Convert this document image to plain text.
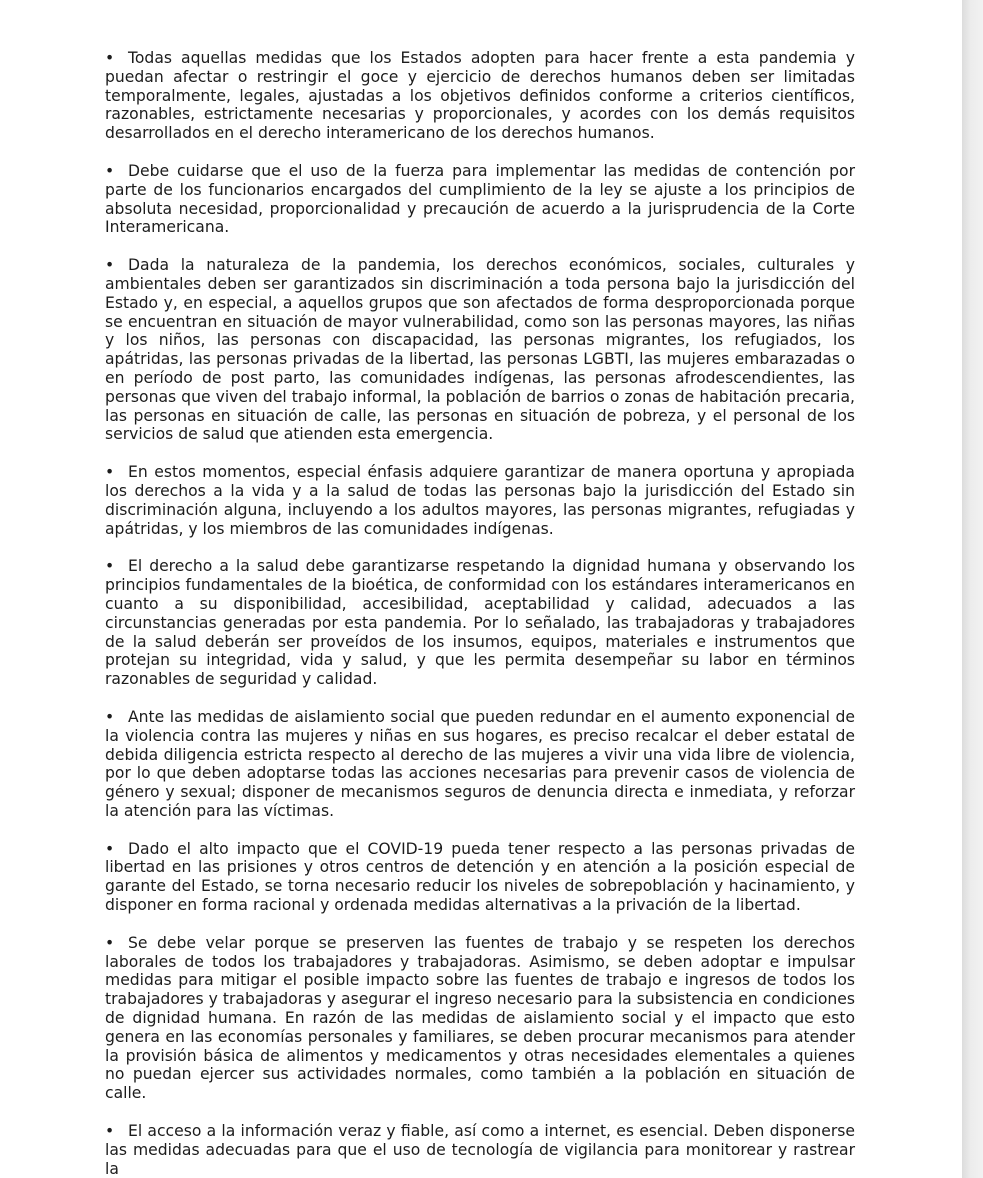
• Todas aquellas medidas que los Estados adopten para hacer frente a esta pandemia y puedan afectar o restringir el goce y ejercicio de derechos humanos deben ser limitadas temporalmente, legales, ajustadas a los objetivos definidos conforme a criterios científicos, razonables, estrictamente necesarias y proporcionales, y acordes con los demás requisitos desarrollados en el derecho interamericano de los derechos humanos.

• Debe cuidarse que el uso de la fuerza para implementar las medidas de contención por parte de los funcionarios encargados del cumplimiento de la ley se ajuste a los principios de absoluta necesidad, proporcionalidad y precaución de acuerdo a la jurisprudencia de la Corte Interamericana.

• Dada la naturaleza de la pandemia, los derechos económicos, sociales, culturales y ambientales deben ser garantizados sin discriminación a toda persona bajo la jurisdicción del Estado y, en especial, a aquellos grupos que son afectados de forma desproporcionada porque se encuentran en situación de mayor vulnerabilidad, como son las personas mayores, las niñas y los niños, las personas con discapacidad, las personas migrantes, los refugiados, los apátridas, las personas privadas de la libertad, las personas LGBTI, las mujeres embarazadas o en período de post parto, las comunidades indígenas, las personas afrodescendientes, las personas que viven del trabajo informal, la población de barrios o zonas de habitación precaria, las personas en situación de calle, las personas en situación de pobreza, y el personal de los servicios de salud que atienden esta emergencia.

• En estos momentos, especial énfasis adquiere garantizar de manera oportuna y apropiada los derechos a la vida y a la salud de todas las personas bajo la jurisdicción del Estado sin discriminación alguna, incluyendo a los adultos mayores, las personas migrantes, refugiadas y apátridas, y los miembros de las comunidades indígenas.

• El derecho a la salud debe garantizarse respetando la dignidad humana y observando los principios fundamentales de la bioética, de conformidad con los estándares interamericanos en cuanto a su disponibilidad, accesibilidad, aceptabilidad y calidad, adecuados a las circunstancias generadas por esta pandemia. Por lo señalado, las trabajadoras y trabajadores de la salud deberán ser proveídos de los insumos, equipos, materiales e instrumentos que protejan su integridad, vida y salud, y que les permita desempeñar su labor en términos razonables de seguridad y calidad.

• Ante las medidas de aislamiento social que pueden redundar en el aumento exponencial de la violencia contra las mujeres y niñas en sus hogares, es preciso recalcar el deber estatal de debida diligencia estricta respecto al derecho de las mujeres a vivir una vida libre de violencia, por lo que deben adoptarse todas las acciones necesarias para prevenir casos de violencia de género y sexual; disponer de mecanismos seguros de denuncia directa e inmediata, y reforzar la atención para las víctimas.

• Dado el alto impacto que el COVID-19 pueda tener respecto a las personas privadas de libertad en las prisiones y otros centros de detención y en atención a la posición especial de garante del Estado, se torna necesario reducir los niveles de sobrepoblación y hacinamiento, y disponer en forma racional y ordenada medidas alternativas a la privación de la libertad.

• Se debe velar porque se preserven las fuentes de trabajo y se respeten los derechos laborales de todos los trabajadores y trabajadoras. Asimismo, se deben adoptar e impulsar medidas para mitigar el posible impacto sobre las fuentes de trabajo e ingresos de todos los trabajadores y trabajadoras y asegurar el ingreso necesario para la subsistencia en condiciones de dignidad humana. En razón de las medidas de aislamiento social y el impacto que esto genera en las economías personales y familiares, se deben procurar mecanismos para atender la provisión básica de alimentos y medicamentos y otras necesidades elementales a quienes no puedan ejercer sus actividades normales, como también a la población en situación de calle.

• El acceso a la información veraz y fiable, así como a internet, es esencial. Deben disponerse las medidas adecuadas para que el uso de tecnología de vigilancia para monitorear y rastrear la
